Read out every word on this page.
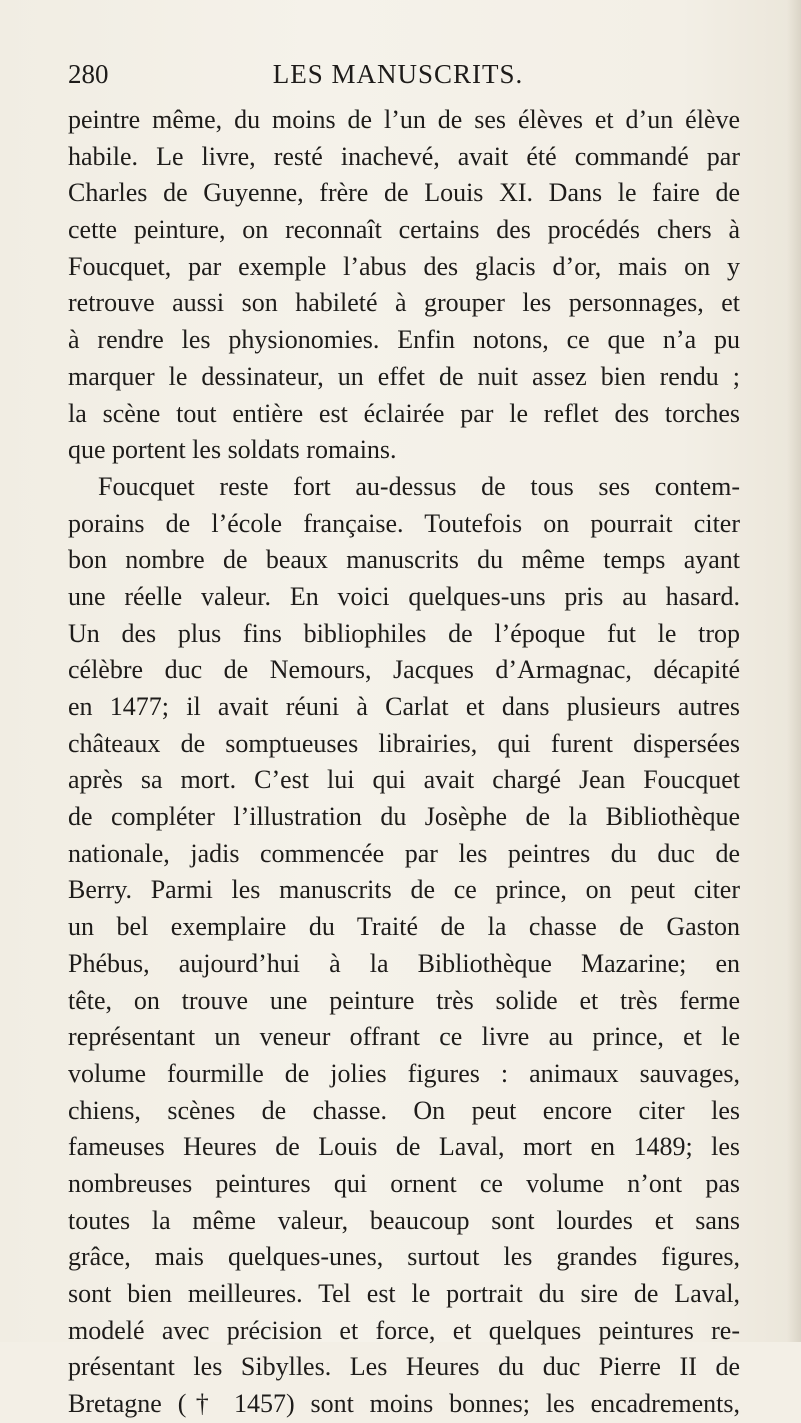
280	LES MANUSCRITS.
peintre même, du moins de l’un de ses élèves et d’un élève
habile. Le livre, resté inachevé, avait été commandé par
Charles de Guyenne, frère de Louis XI. Dans le faire de
cette peinture, on reconnaît certains des procédés chers à
Foucquet, par exemple l’abus des glacis d’or, mais on y
retrouve aussi son habileté à grouper les personnages, et
à rendre les physionomies. Enfin notons, ce que n’a pu
marquer le dessinateur, un effet de nuit assez bien rendu ;
la scène tout entière est éclairée par le reflet des torches
que portent les soldats romains.
Foucquet reste fort au-dessus de tous ses contem-
porains de l’école française. Toutefois on pourrait citer
bon nombre de beaux manuscrits du même temps ayant
une réelle valeur. En voici quelques-uns pris au hasard.
Un des plus fins bibliophiles de l’époque fut le trop
célèbre duc de Nemours, Jacques d’Armagnac, décapité
en 1477; il avait réuni à Carlat et dans plusieurs autres
châteaux de somptueuses librairies, qui furent dispersées
après sa mort. C’est lui qui avait chargé Jean Foucquet
de compléter l’illustration du Josèphe de la Bibliothèque
nationale, jadis commencée par les peintres du duc de
Berry. Parmi les manuscrits de ce prince, on peut citer
un bel exemplaire du Traité de la chasse de Gaston
Phébus, aujourd’hui à la Bibliothèque Mazarine; en
tête, on trouve une peinture très solide et très ferme
représentant un veneur offrant ce livre au prince, et le
volume fourmille de jolies figures : animaux sauvages,
chiens, scènes de chasse. On peut encore citer les
fameuses Heures de Louis de Laval, mort en 1489; les
nombreuses peintures qui ornent ce volume n’ont pas
toutes la même valeur, beaucoup sont lourdes et sans
grâce, mais quelques-unes, surtout les grandes figures,
sont bien meilleures. Tel est le portrait du sire de Laval,
modelé avec précision et force, et quelques peintures re-
présentant les Sibylles. Les Heures du duc Pierre II de
Bretagne († 1457) sont moins bonnes; les encadrements,
